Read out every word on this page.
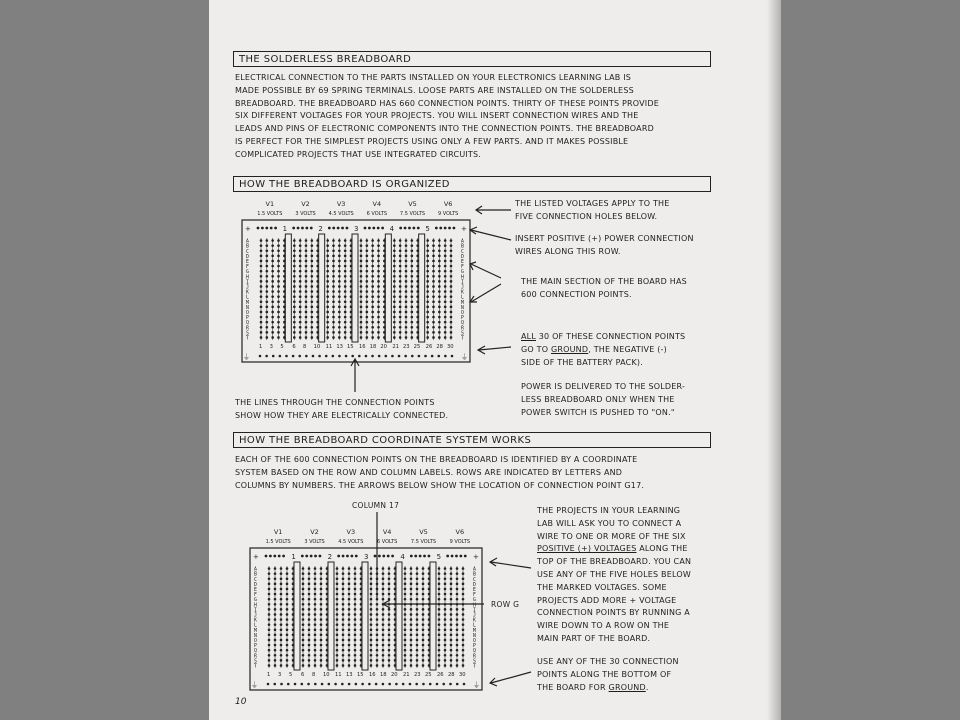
THE SOLDERLESS BREADBOARD

ELECTRICAL CONNECTION TO THE PARTS INSTALLED ON YOUR ELECTRONICS LEARNING LAB IS
MADE POSSIBLE BY 69 SPRING TERMINALS. LOOSE PARTS ARE INSTALLED ON THE SOLDERLESS
BREADBOARD. THE BREADBOARD HAS 660 CONNECTION POINTS. THIRTY OF THESE POINTS PROVIDE
SIX DIFFERENT VOLTAGES FOR YOUR PROJECTS. YOU WILL INSERT CONNECTION WIRES AND THE
LEADS AND PINS OF ELECTRONIC COMPONENTS INTO THE CONNECTION POINTS. THE BREADBOARD
IS PERFECT FOR THE SIMPLEST PROJECTS USING ONLY A FEW PARTS. AND IT MAKES POSSIBLE
COMPLICATED PROJECTS THAT USE INTEGRATED CIRCUITS.

HOW THE BREADBOARD IS ORGANIZED
V1
1.5 VOLTS
V2
3 VOLTS
V3
4.5 VOLTS
V4
6 VOLTS
V5
7.5 VOLTS
V6
9 VOLTS
+	+
1	2	3	4	5
A	A
B	B
C	C
D	D
E	E
F	F
G	G
H	H
I	I
J	J
K	K
L	L
M	M
N	N
O	O
P	P
Q	Q
R	R
S	S
T	T
1 3 5 6 8 10 11 13 15 16 18 20 21 23 25 26 28 30
⏚	⏚

THE LISTED VOLTAGES APPLY TO THE
FIVE CONNECTION HOLES BELOW.

INSERT POSITIVE (+) POWER CONNECTION
WIRES ALONG THIS ROW.

THE MAIN SECTION OF THE BOARD HAS
600 CONNECTION POINTS.

ALL 30 OF THESE CONNECTION POINTS
GO TO GROUND, THE NEGATIVE (-)
SIDE OF THE BATTERY PACK).

POWER IS DELIVERED TO THE SOLDER-
LESS BREADBOARD ONLY WHEN THE
POWER SWITCH IS PUSHED TO "ON."

THE LINES THROUGH THE CONNECTION POINTS
SHOW HOW THEY ARE ELECTRICALLY CONNECTED.

HOW THE BREADBOARD COORDINATE SYSTEM WORKS

EACH OF THE 600 CONNECTION POINTS ON THE BREADBOARD IS IDENTIFIED BY A COORDINATE
SYSTEM BASED ON THE ROW AND COLUMN LABELS. ROWS ARE INDICATED BY LETTERS AND
COLUMNS BY NUMBERS. THE ARROWS BELOW SHOW THE LOCATION OF CONNECTION POINT G17.

COLUMN 17
V1
1.5 VOLTS
V2
3 VOLTS
V3
4.5 VOLTS
V4
6 VOLTS
V5
7.5 VOLTS
V6
9 VOLTS
+	+
1	2	3	4	5
A	A
B	B
C	C
D	D
E	E
F	F
G	G
H	H
I	I
J	J
K	K
L	L
M	M
N	N
O	O
P	P
Q	Q
R	R
S	S
T	T
1 3 5 6 8 10 11 13 15 16 18 20 21 23 25 26 28 30
⏚	⏚
ROW G

THE PROJECTS IN YOUR LEARNING
LAB WILL ASK YOU TO CONNECT A
WIRE TO ONE OR MORE OF THE SIX
POSITIVE (+) VOLTAGES ALONG THE
TOP OF THE BREADBOARD. YOU CAN
USE ANY OF THE FIVE HOLES BELOW
THE MARKED VOLTAGES. SOME
PROJECTS ADD MORE + VOLTAGE
CONNECTION POINTS BY RUNNING A
WIRE DOWN TO A ROW ON THE
MAIN PART OF THE BOARD.

USE ANY OF THE 30 CONNECTION
POINTS ALONG THE BOTTOM OF
THE BOARD FOR GROUND.

10
